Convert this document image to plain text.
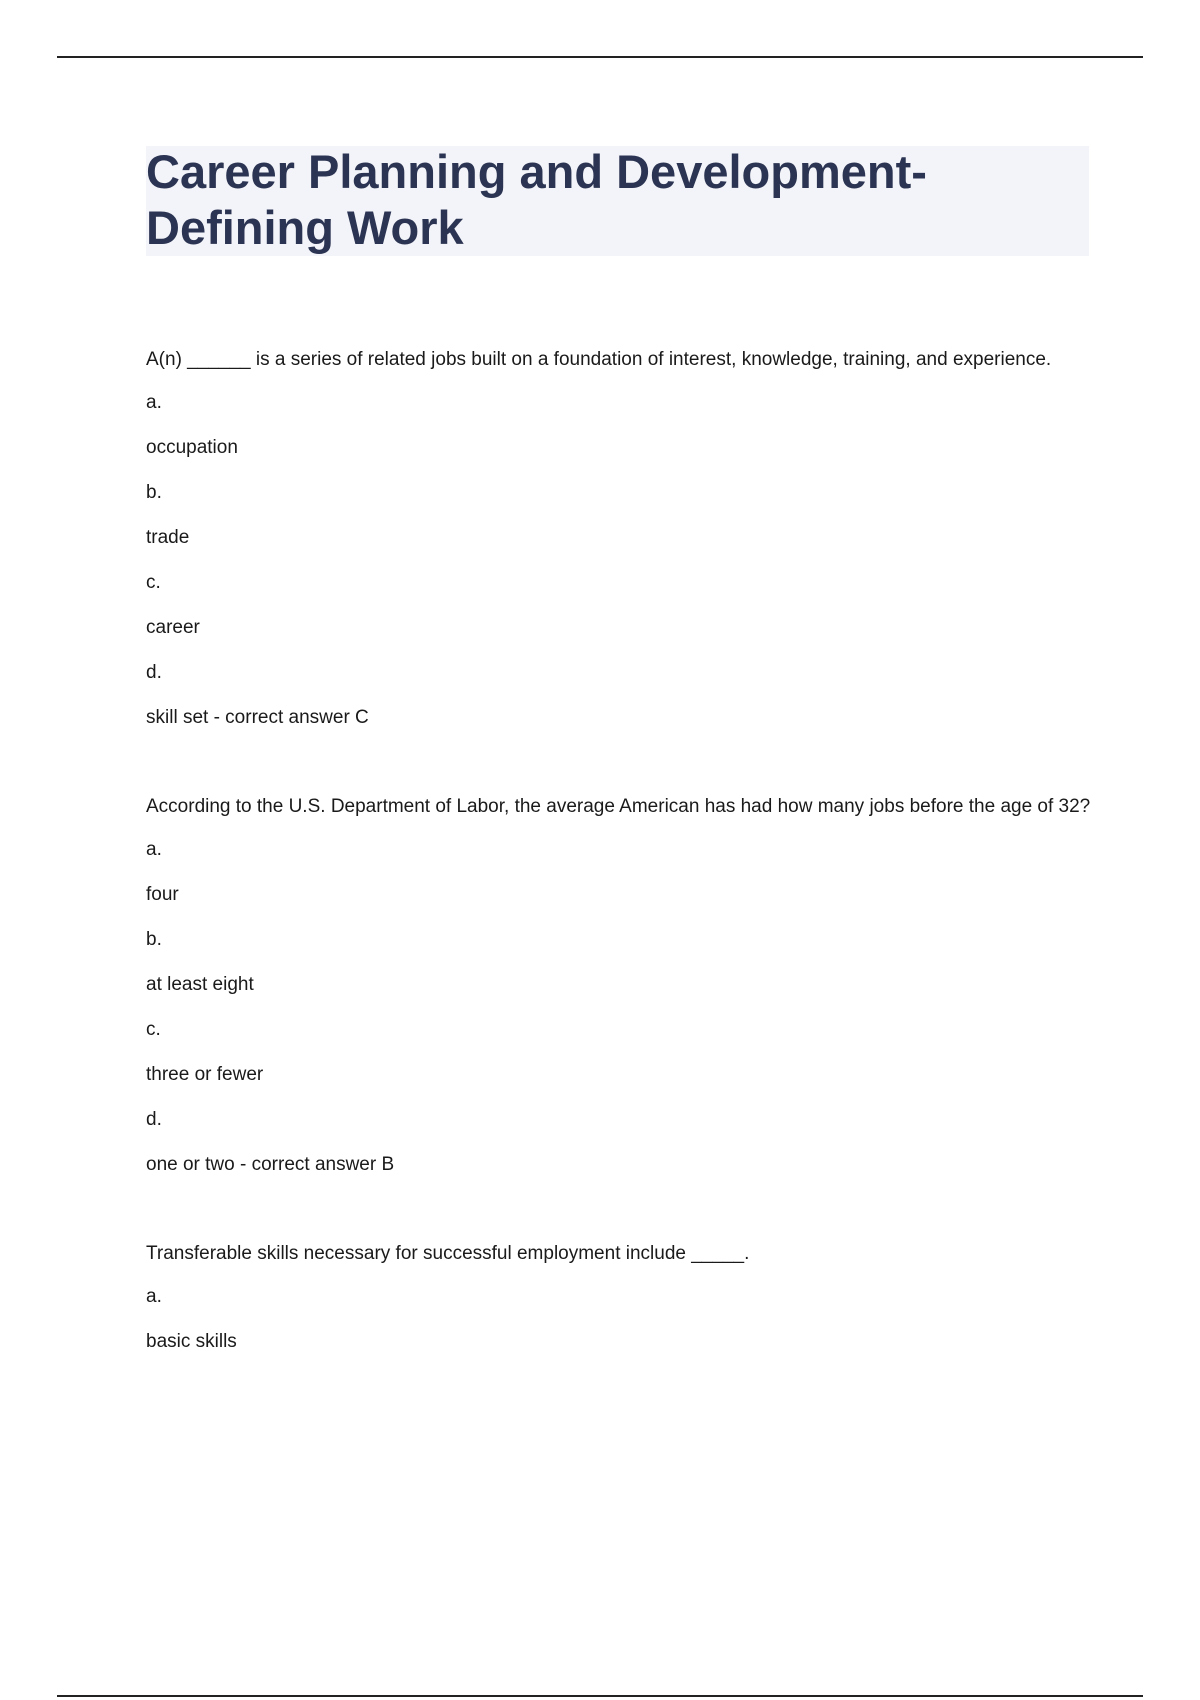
Career Planning and Development- Defining Work

A(n) ______ is a series of related jobs built on a foundation of interest, knowledge, training, and experience.

a.

occupation

b.

trade

c.

career

d.

skill set - correct answer C

According to the U.S. Department of Labor, the average American has had how many jobs before the age of 32?

a.

four

b.

at least eight

c.

three or fewer

d.

one or two - correct answer B

Transferable skills necessary for successful employment include _____.

a.

basic skills
